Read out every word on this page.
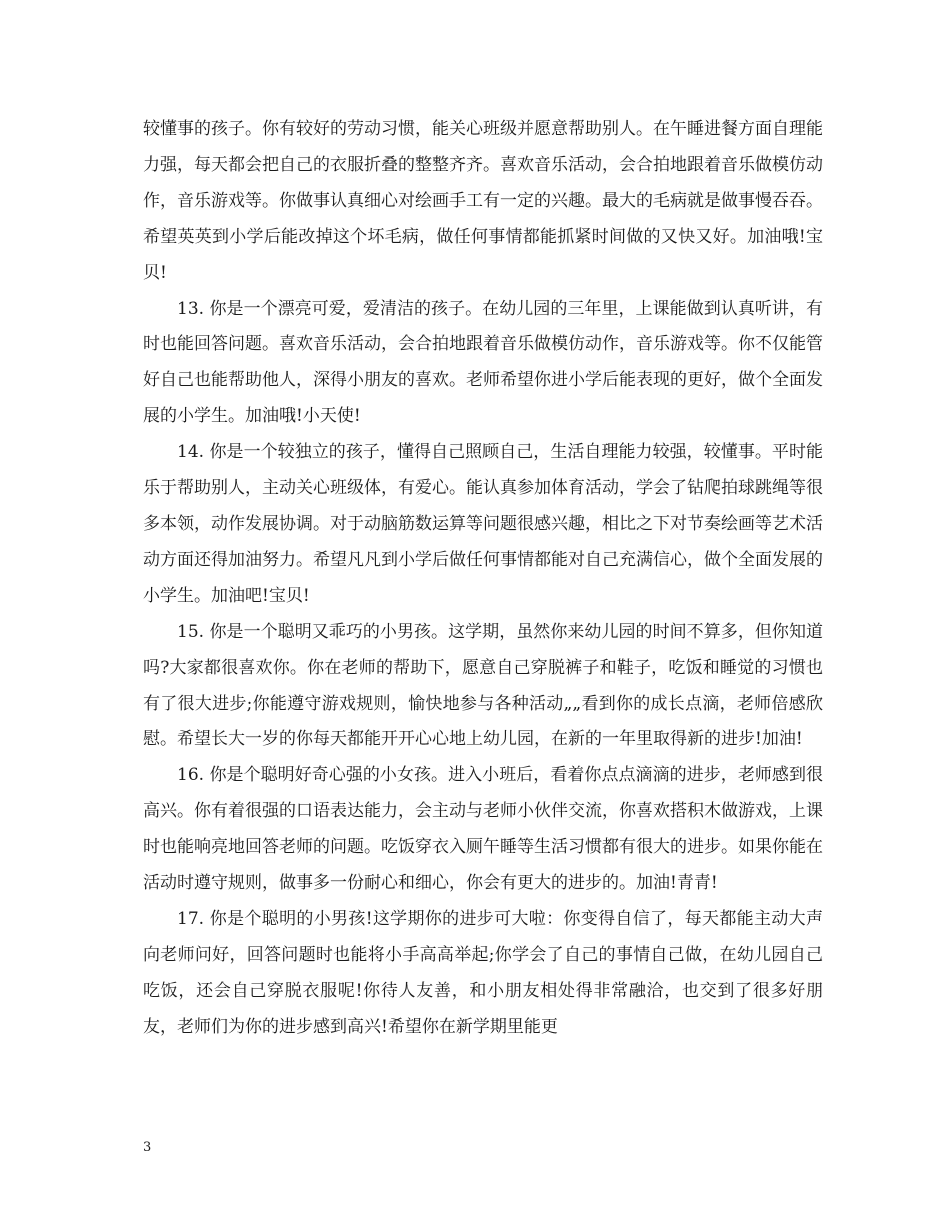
较懂事的孩子。你有较好的劳动习惯，能关心班级并愿意帮助别人。在午睡进餐方面自理能力强，每天都会把自己的衣服折叠的整整齐齐。喜欢音乐活动，会合拍地跟着音乐做模仿动作，音乐游戏等。你做事认真细心对绘画手工有一定的兴趣。最大的毛病就是做事慢吞吞。希望英英到小学后能改掉这个坏毛病，做任何事情都能抓紧时间做的又快又好。加油哦!宝贝!

13. 你是一个漂亮可爱，爱清洁的孩子。在幼儿园的三年里，上课能做到认真听讲，有时也能回答问题。喜欢音乐活动，会合拍地跟着音乐做模仿动作，音乐游戏等。你不仅能管好自己也能帮助他人，深得小朋友的喜欢。老师希望你进小学后能表现的更好，做个全面发展的小学生。加油哦!小天使!

14. 你是一个较独立的孩子，懂得自己照顾自己，生活自理能力较强，较懂事。平时能乐于帮助别人，主动关心班级体，有爱心。能认真参加体育活动，学会了钻爬拍球跳绳等很多本领，动作发展协调。对于动脑筋数运算等问题很感兴趣，相比之下对节奏绘画等艺术活动方面还得加油努力。希望凡凡到小学后做任何事情都能对自己充满信心，做个全面发展的小学生。加油吧!宝贝!

15. 你是一个聪明又乖巧的小男孩。这学期，虽然你来幼儿园的时间不算多，但你知道吗?大家都很喜欢你。你在老师的帮助下，愿意自己穿脱裤子和鞋子，吃饭和睡觉的习惯也有了很大进步;你能遵守游戏规则，愉快地参与各种活动„„看到你的成长点滴，老师倍感欣慰。希望长大一岁的你每天都能开开心心地上幼儿园，在新的一年里取得新的进步!加油!

16. 你是个聪明好奇心强的小女孩。进入小班后，看着你点点滴滴的进步，老师感到很高兴。你有着很强的口语表达能力，会主动与老师小伙伴交流，你喜欢搭积木做游戏，上课时也能响亮地回答老师的问题。吃饭穿衣入厕午睡等生活习惯都有很大的进步。如果你能在活动时遵守规则，做事多一份耐心和细心，你会有更大的进步的。加油!青青!

17. 你是个聪明的小男孩!这学期你的进步可大啦：你变得自信了，每天都能主动大声向老师问好，回答问题时也能将小手高高举起;你学会了自己的事情自己做，在幼儿园自己吃饭，还会自己穿脱衣服呢!你待人友善，和小朋友相处得非常融洽，也交到了很多好朋友，老师们为你的进步感到高兴!希望你在新学期里能更

3
